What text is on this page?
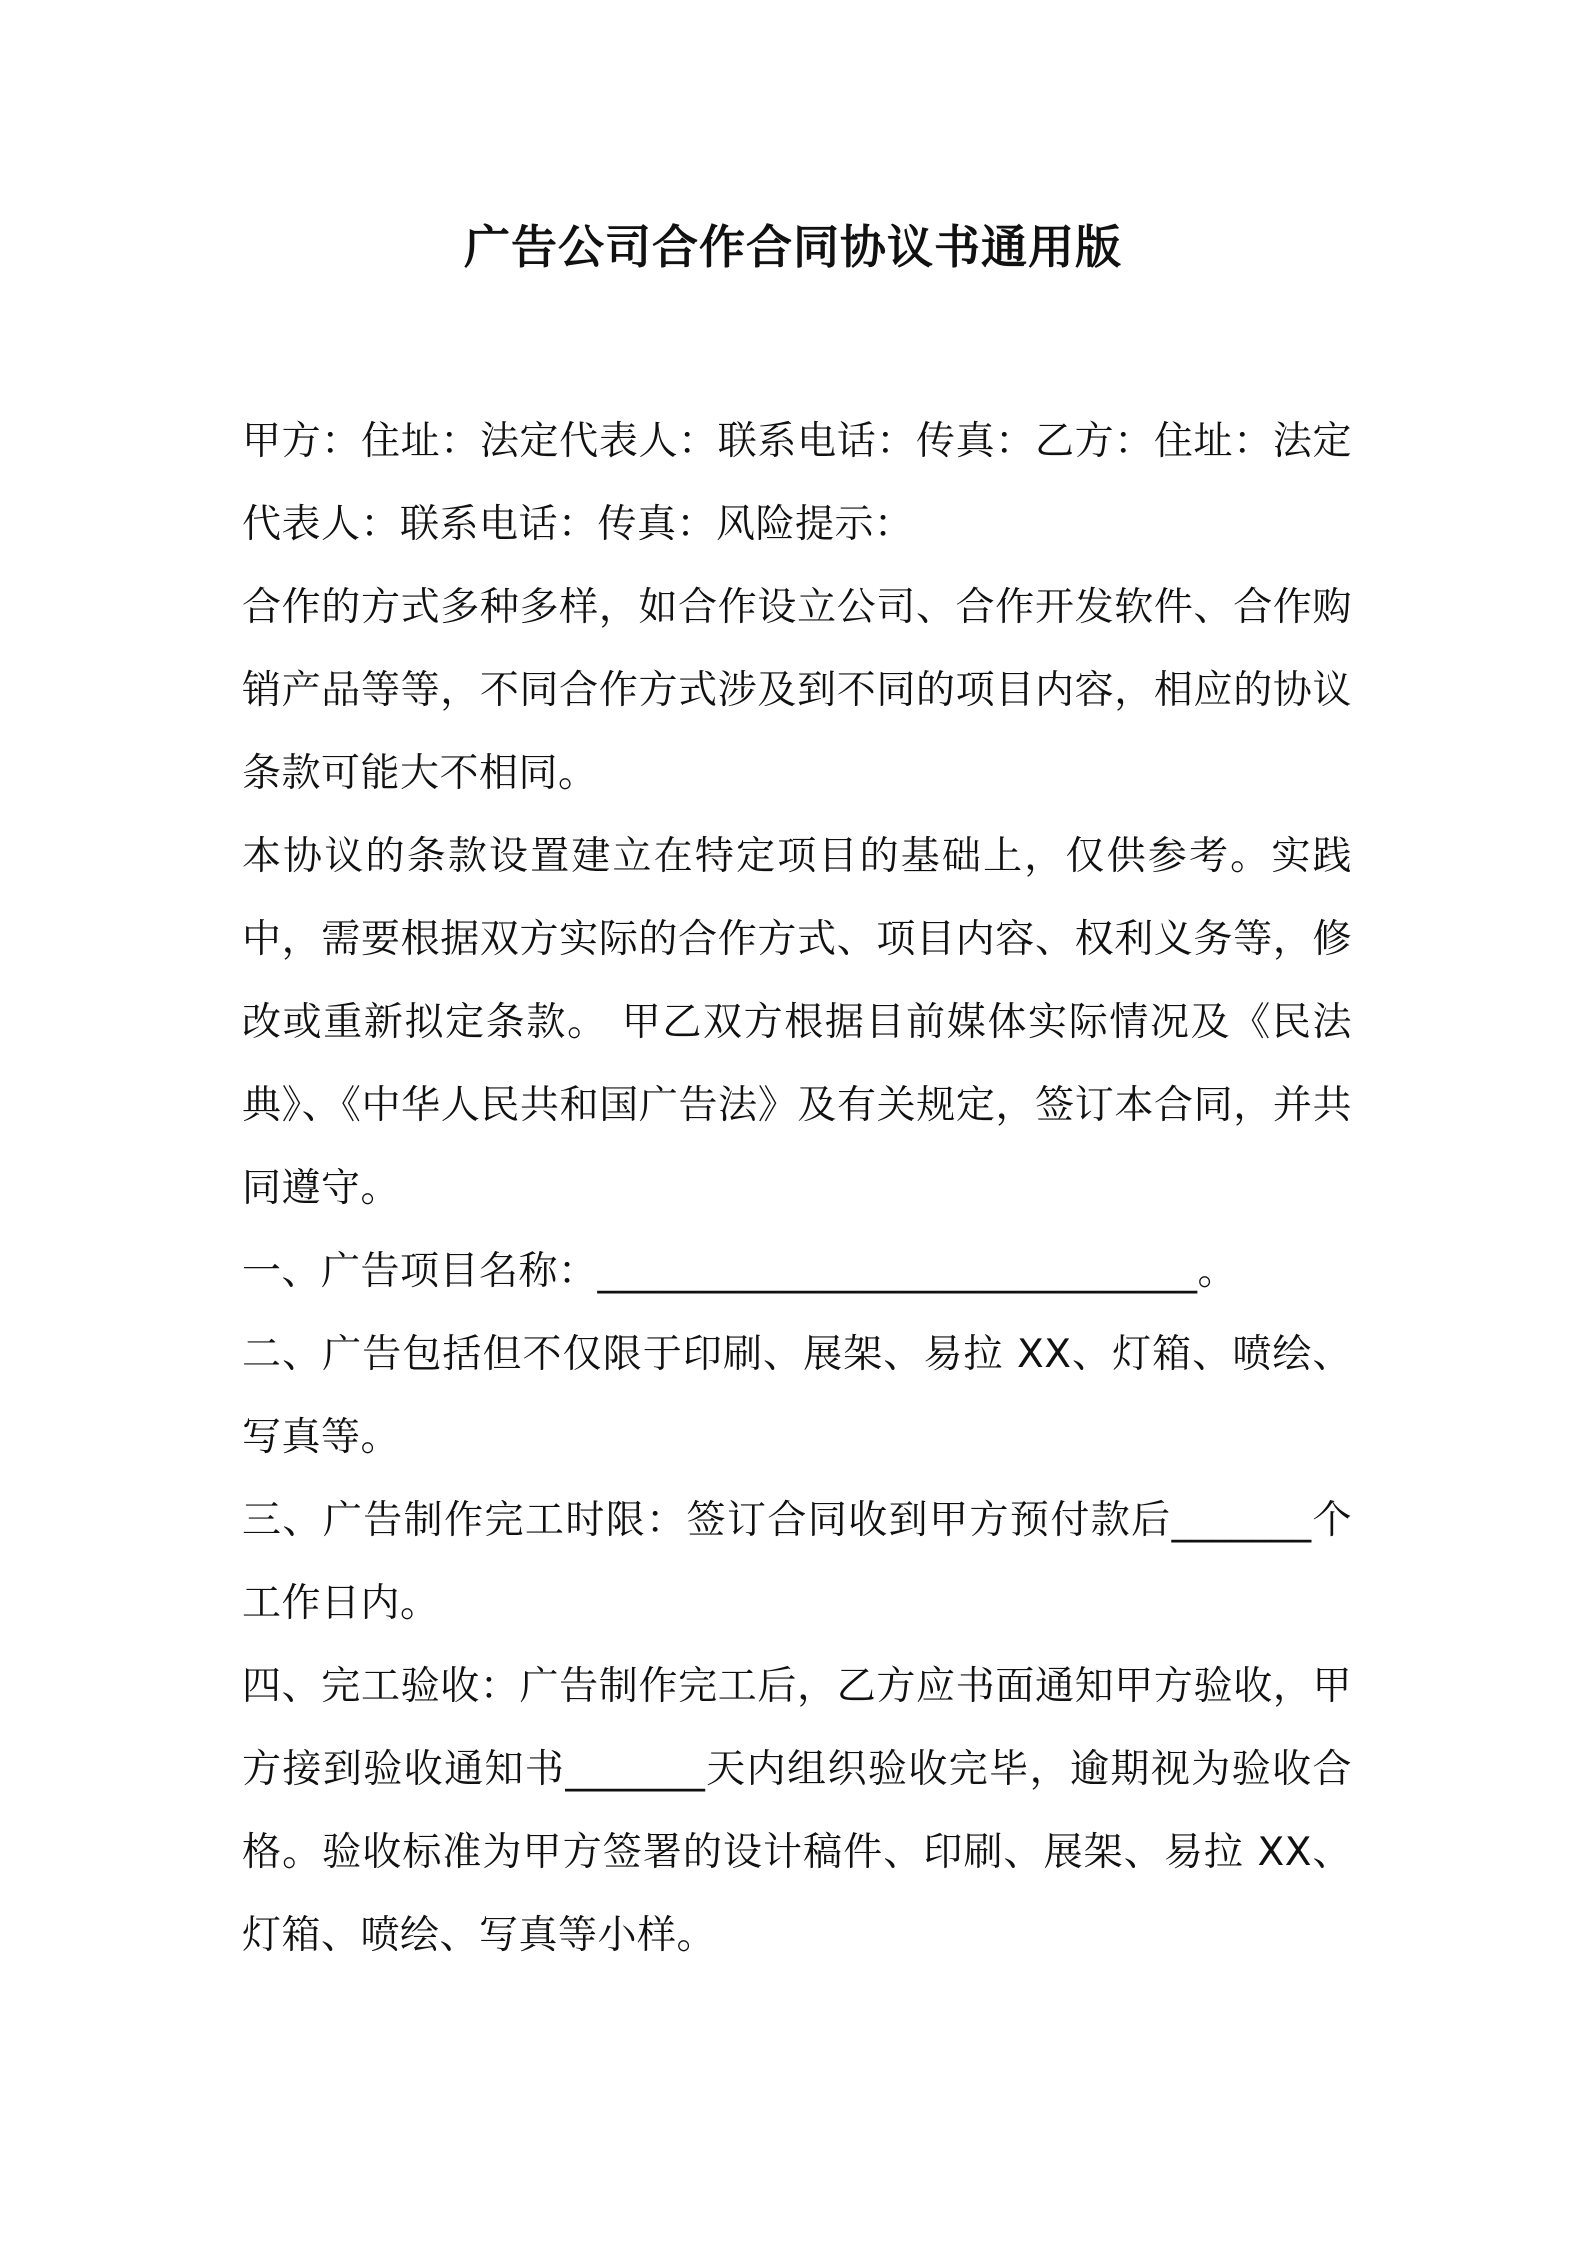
广告公司合作合同协议书通用版

甲方：住址：法定代表人：联系电话：传真：乙方：住址：法定代表人：联系电话：传真：风险提示：

合作的方式多种多样，如合作设立公司、合作开发软件、合作购销产品等等，不同合作方式涉及到不同的项目内容，相应的协议条款可能大不相同。

本协议的条款设置建立在特定项目的基础上，仅供参考。实践中，需要根据双方实际的合作方式、项目内容、权利义务等，修改或重新拟定条款。 甲乙双方根据目前媒体实际情况及《民法典》、《中华人民共和国广告法》及有关规定，签订本合同，并共同遵守。

一、广告项目名称：______________________________。

二、广告包括但不仅限于印刷、展架、易拉 XX、灯箱、喷绘、写真等。

三、广告制作完工时限：签订合同收到甲方预付款后_______个工作日内。

四、完工验收：广告制作完工后，乙方应书面通知甲方验收，甲方接到验收通知书_______天内组织验收完毕，逾期视为验收合格。验收标准为甲方签署的设计稿件、印刷、展架、易拉 XX、灯箱、喷绘、写真等小样。
